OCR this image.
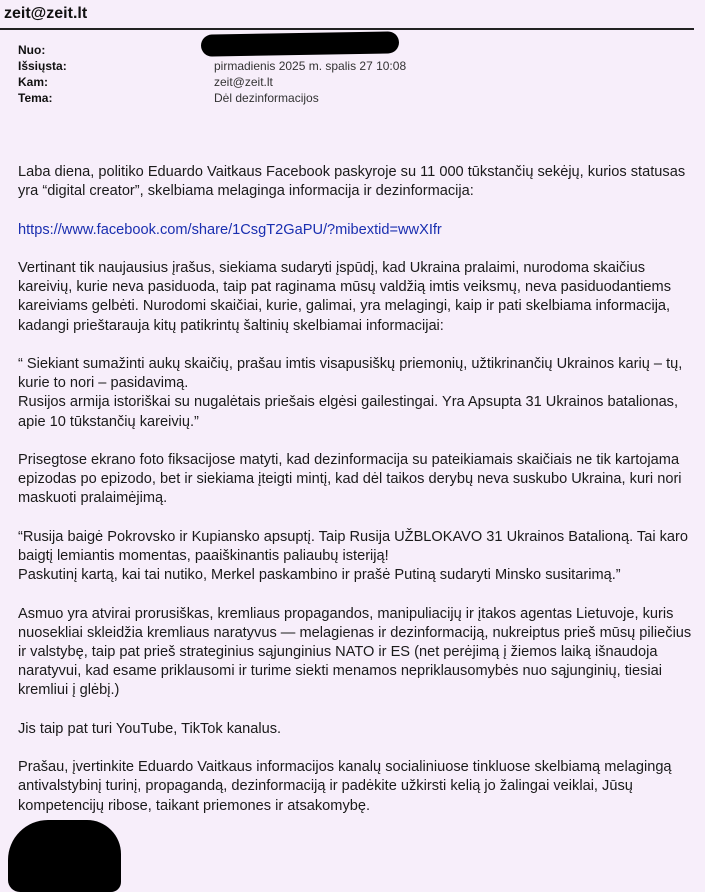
zeit@zeit.lt
Nuo:
Išsiųsta:	pirmadienis 2025 m. spalis 27 10:08
Kam:	zeit@zeit.lt
Tema:	Dėl dezinformacijos

Laba diena, politiko Eduardo Vaitkaus Facebook paskyroje su 11 000 tūkstančių sekėjų, kurios statusas yra “digital creator”, skelbiama melaginga informacija ir dezinformacija:

https://www.facebook.com/share/1CsgT2GaPU/?mibextid=wwXIfr

Vertinant tik naujausius įrašus, siekiama sudaryti įspūdį, kad Ukraina pralaimi, nurodoma skaičius kareivių, kurie neva pasiduoda, taip pat raginama mūsų valdžią imtis veiksmų, neva pasiduodantiems kareiviams gelbėti. Nurodomi skaičiai, kurie, galimai, yra melagingi, kaip ir pati skelbiama informacija, kadangi prieštarauja kitų patikrintų šaltinių skelbiamai informacijai:

“ Siekiant sumažinti aukų skaičių, prašau imtis visapusiškų priemonių, užtikrinančių Ukrainos karių – tų, kurie to nori – pasidavimą.
Rusijos armija istoriškai su nugalėtais priešais elgėsi gailestingai. Yra Apsupta 31 Ukrainos batalionas, apie 10 tūkstančių kareivių.”

Prisegtose ekrano foto fiksacijose matyti, kad dezinformacija su pateikiamais skaičiais ne tik kartojama epizodas po epizodo, bet ir siekiama įteigti mintį, kad dėl taikos derybų neva suskubo Ukraina, kuri nori maskuoti pralaimėjimą.

“Rusija baigė Pokrovsko ir Kupiansko apsuptį. Taip Rusija UŽBLOKAVO 31 Ukrainos Batalioną. Tai karo baigtį lemiantis momentas, paaiškinantis paliaubų isteriją!
Paskutinį kartą, kai tai nutiko, Merkel paskambino ir prašė Putiną sudaryti Minsko susitarimą.”

Asmuo yra atvirai prorusiškas, kremliaus propagandos, manipuliacijų ir įtakos agentas Lietuvoje, kuris nuosekliai skleidžia kremliaus naratyvus — melagienas ir dezinformaciją, nukreiptus prieš mūsų piliečius ir valstybę, taip pat prieš strateginius sąjunginius NATO ir ES (net perėjimą į žiemos laiką išnaudoja naratyvui, kad esame priklausomi ir turime siekti menamos nepriklausomybės nuo sąjunginių, tiesiai kremliui į glėbį.)

Jis taip pat turi YouTube, TikTok kanalus.

Prašau, įvertinkite Eduardo Vaitkaus informacijos kanalų socialiniuose tinkluose skelbiamą melagingą antivalstybinį turinį, propagandą, dezinformaciją ir padėkite užkirsti kelią jo žalingai veiklai, Jūsų kompetencijų ribose, taikant priemones ir atsakomybę.
